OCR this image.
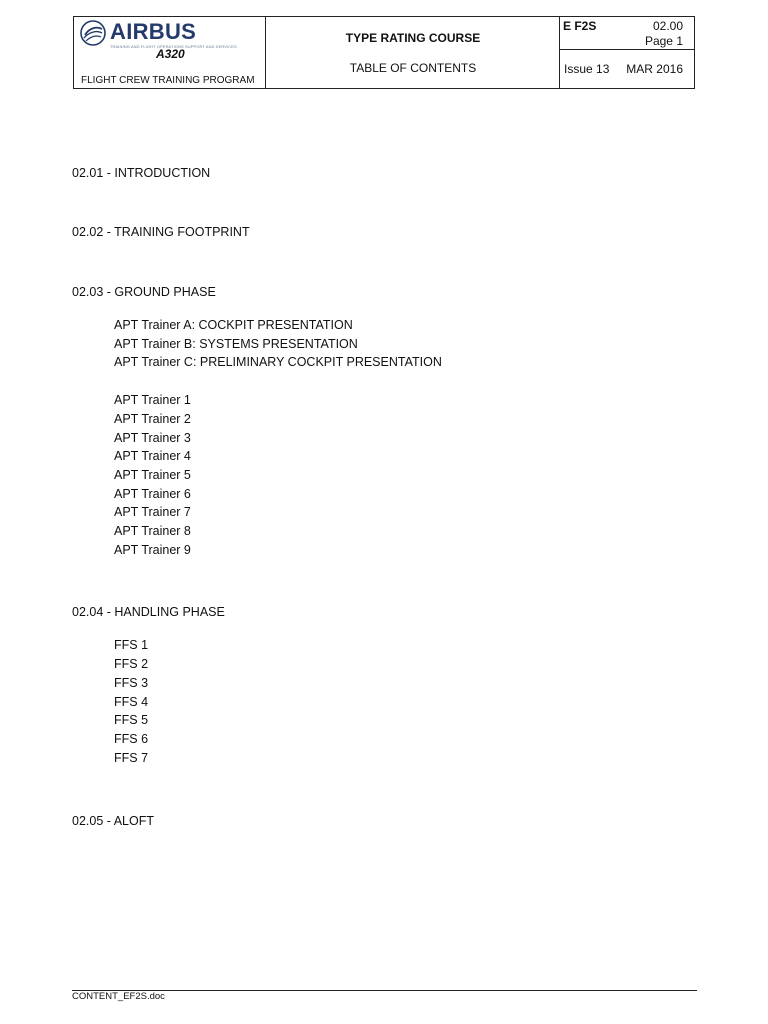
AIRBUS
TRAINING AND FLIGHT OPERATIONS SUPPORT AND SERVICES
A320
FLIGHT CREW TRAINING PROGRAM
TYPE RATING COURSE
TABLE OF CONTENTS
E F2S	02.00
Page 1
Issue 13 MAR 2016
02.01 - INTRODUCTION
02.02 - TRAINING FOOTPRINT
02.03 - GROUND PHASE
APT Trainer A: COCKPIT PRESENTATION
APT Trainer B: SYSTEMS PRESENTATION
APT Trainer C: PRELIMINARY COCKPIT PRESENTATION
APT Trainer 1
APT Trainer 2
APT Trainer 3
APT Trainer 4
APT Trainer 5
APT Trainer 6
APT Trainer 7
APT Trainer 8
APT Trainer 9
02.04 - HANDLING PHASE
FFS 1
FFS 2
FFS 3
FFS 4
FFS 5
FFS 6
FFS 7
02.05 - ALOFT
CONTENT_EF2S.doc
